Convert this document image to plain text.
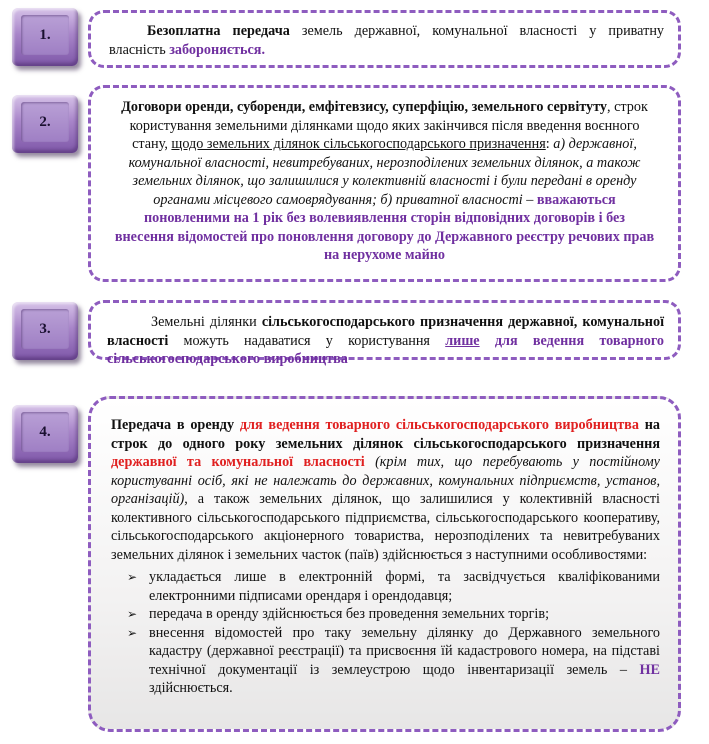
1.	Безоплатна передача земель державної, комунальної власності у приватну власність забороняється.

2.

Договори оренди, суборенди, емфітевзису, суперфіцію, земельного сервітуту, строк користування земельними ділянками щодо яких закінчився після введення воєнного стану, щодо земельних ділянок сільськогосподарського призначення: а) державної, комунальної власності, невитребуваних, нерозподілених земельних ділянок, а також земельних ділянок, що залишилися у колективній власності і були передані в оренду органами місцевого самоврядування; б) приватної власності – вважаються поновленими на 1 рік без волевиявлення сторін відповідних договорів і без внесення відомостей про поновлення договору до Державного реєстру речових прав на нерухоме майно

3.	Земельні ділянки сільськогосподарського призначення державної, комунальної власності можуть надаватися у користування лише для ведення товарного сільськогосподарського виробництва

4.	Передача в оренду для ведення товарного сільськогосподарського виробництва на строк до одного року земельних ділянок сільськогосподарського призначення державної та комунальної власності (крім тих, що перебувають у постійному користуванні осіб, які не належать до державних, комунальних підприємств, установ, організацій), а також земельних ділянок, що залишилися у колективній власності колективного сільськогосподарського підприємства, сільськогосподарського кооперативу, сільськогосподарського акціонерного товариства, нерозподілених та невитребуваних земельних ділянок і земельних часток (паїв) здійснюється з наступними особливостями:

➢ укладається лише в електронній формі, та засвідчується кваліфікованими електронними підписами орендаря і орендодавця;
➢ передача в оренду здійснюється без проведення земельних торгів;
➢ внесення відомостей про таку земельну ділянку до Державного земельного кадастру (державної реєстрації) та присвоєння їй кадастрового номера, на підставі технічної документації із землеустрою щодо інвентаризації земель – НЕ здійснюється.
